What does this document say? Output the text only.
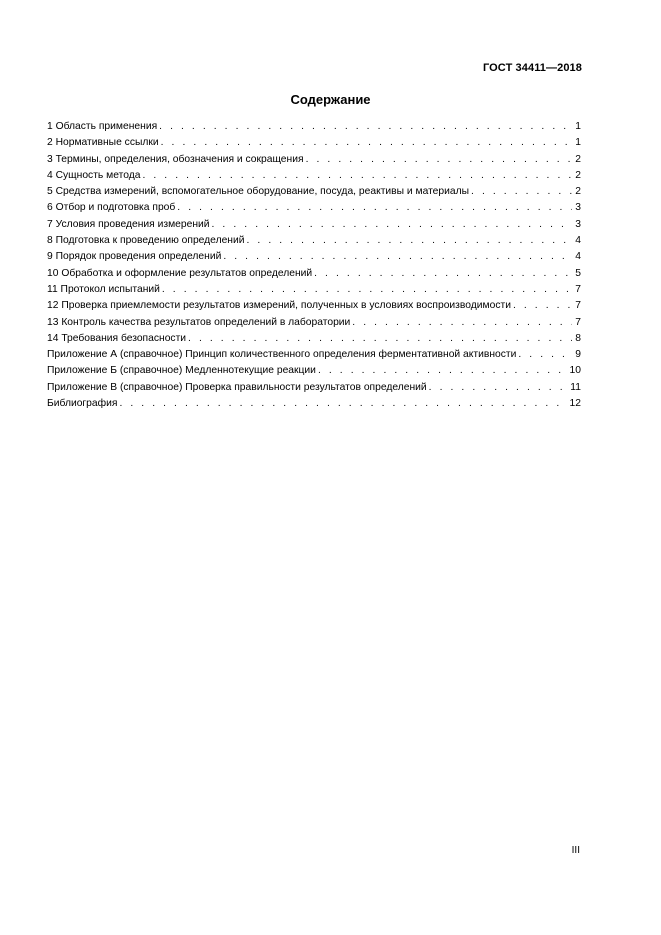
ГОСТ 34411—2018
Содержание
1 Область применения . . .	1
2 Нормативные ссылки . . .	1
3 Термины, определения, обозначения и сокращения . . .	2
4 Сущность метода . . .	2
5 Средства измерений, вспомогательное оборудование, посуда, реактивы и материалы . . .	2
6 Отбор и подготовка проб . . .	3
7 Условия проведения измерений . . .	3
8 Подготовка к проведению определений . . .	4
9 Порядок проведения определений . . .	4
10 Обработка и оформление результатов определений . . .	5
11 Протокол испытаний . . .	7
12 Проверка приемлемости результатов измерений, полученных в условиях воспроизводимости . . .	7
13 Контроль качества результатов определений в лаборатории . . .	7
14 Требования безопасности . . .	8
Приложение А (справочное) Принцип количественного определения ферментативной активности . . .	9
Приложение Б (справочное) Медленнотекущие реакции . . .	10
Приложение В (справочное) Проверка правильности результатов определений . . .	11
Библиография . . .	12
III
